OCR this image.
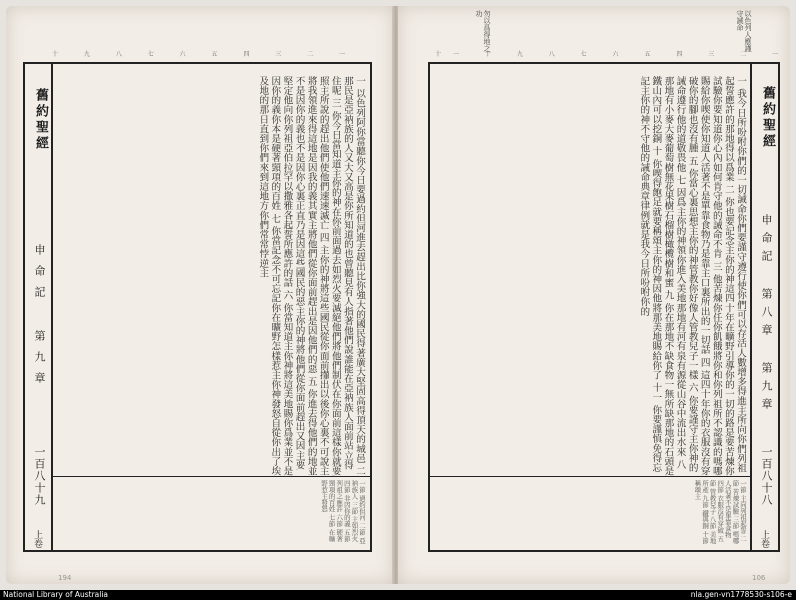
勿以爲得地之功	以色列人應謹守誡命
十 九 八 七 六 五 四 三 二 一	十一 十 九 八 七 六 五 四 三 二 一
舊約聖經
申命記 第九章
一百八十九
上卷
一 以色列阿你當聽你今日要過約但河進去趕出比你強大的國民得著廣大堅固高得頂天的城邑 二 那民是亞衲族的人又大又高是你所知道的也曾聽見有人指著他們說誰能在亞衲族人面前站立得住呢 三 你今日當知道主你的神在你前面過去如烈火要滅絕他們將他們制伏在你面前這樣你就要照主所說的趕出他們使他們速速滅亡 四 主你的神將這些國民從你面前攆出以後你心裏不可說主將我領進來得這地是因我的義其實主將他們從你面前趕出是因他們的惡 五 你進去得他們的地並不是因你的義也不是因你心裏正直乃是因這些國民的惡主你的神將他們從你面前趕出又因主要堅定他向你列祖亞伯拉罕以撒雅各起誓所應許的話 六 你當知道主你神將這美地賜你爲業並不是因你的義你本是硬著頸項的百姓 七 你當記念不可忘記你在曠野怎樣惹主你神發怒自從你出了埃及地的那日直到你們來到這地方你們常常悖逆主
一節 過約但河 二節 亞衲族人 三節 主如烈火 四節 非因你的義 五節 列祖之應許 六節 硬著頸項的百姓 七節 在曠野惹主發怒
一 我今日所吩咐你們的一切誡命你們要謹守遵行使你們可以存活人數增多得進主所向你們列祖起誓應許的那地得以爲業 二 你也要記念主你的神這四十年在曠野引導你的一切的路是要苦煉你試驗你要知道你心內如何肯守他的誡命不肯 三 他苦煉你任你飢餓將你和你列祖所不認識的嗎哪賜給你喫使你知道人活著不是單靠食物乃是靠主口裏所出的一切話 四 這四十年你的衣服沒有穿破你的腳也沒有腫 五 你當心裏思想主你的神管教你好像人管教兒子一樣 六 你要謹守主你神的誡命遵行他的道敬畏他 七 因爲主你的神領你進入美地那地有河有泉有源從山谷中流出水來 八 那地有小麥大麥葡萄樹無花果樹石榴樹橄欖樹和蜜 九 你在那地不缺食物一無所缺那地的石頭是鐵山內可以挖銅 十 你喫得飽足就要稱頌主你的神因他將那美地賜給你了 十一 你要謹慎免得忘記主你的神不守他的誡命典章律例就是我今日所吩咐你的
一節 主向列祖起誓 二節 苦煉試驗 三節 嗎哪 人活著不是單靠食物 四節 衣服沒有穿破 五節 管教兒子 八節 美地所產 九節 鐵與銅 十節 稱頌主
舊約聖經
申命記 第八章 第九章
一百八十八
上卷
194	106
National Library of Australia	nla.gen-vn1778530-s106-e
